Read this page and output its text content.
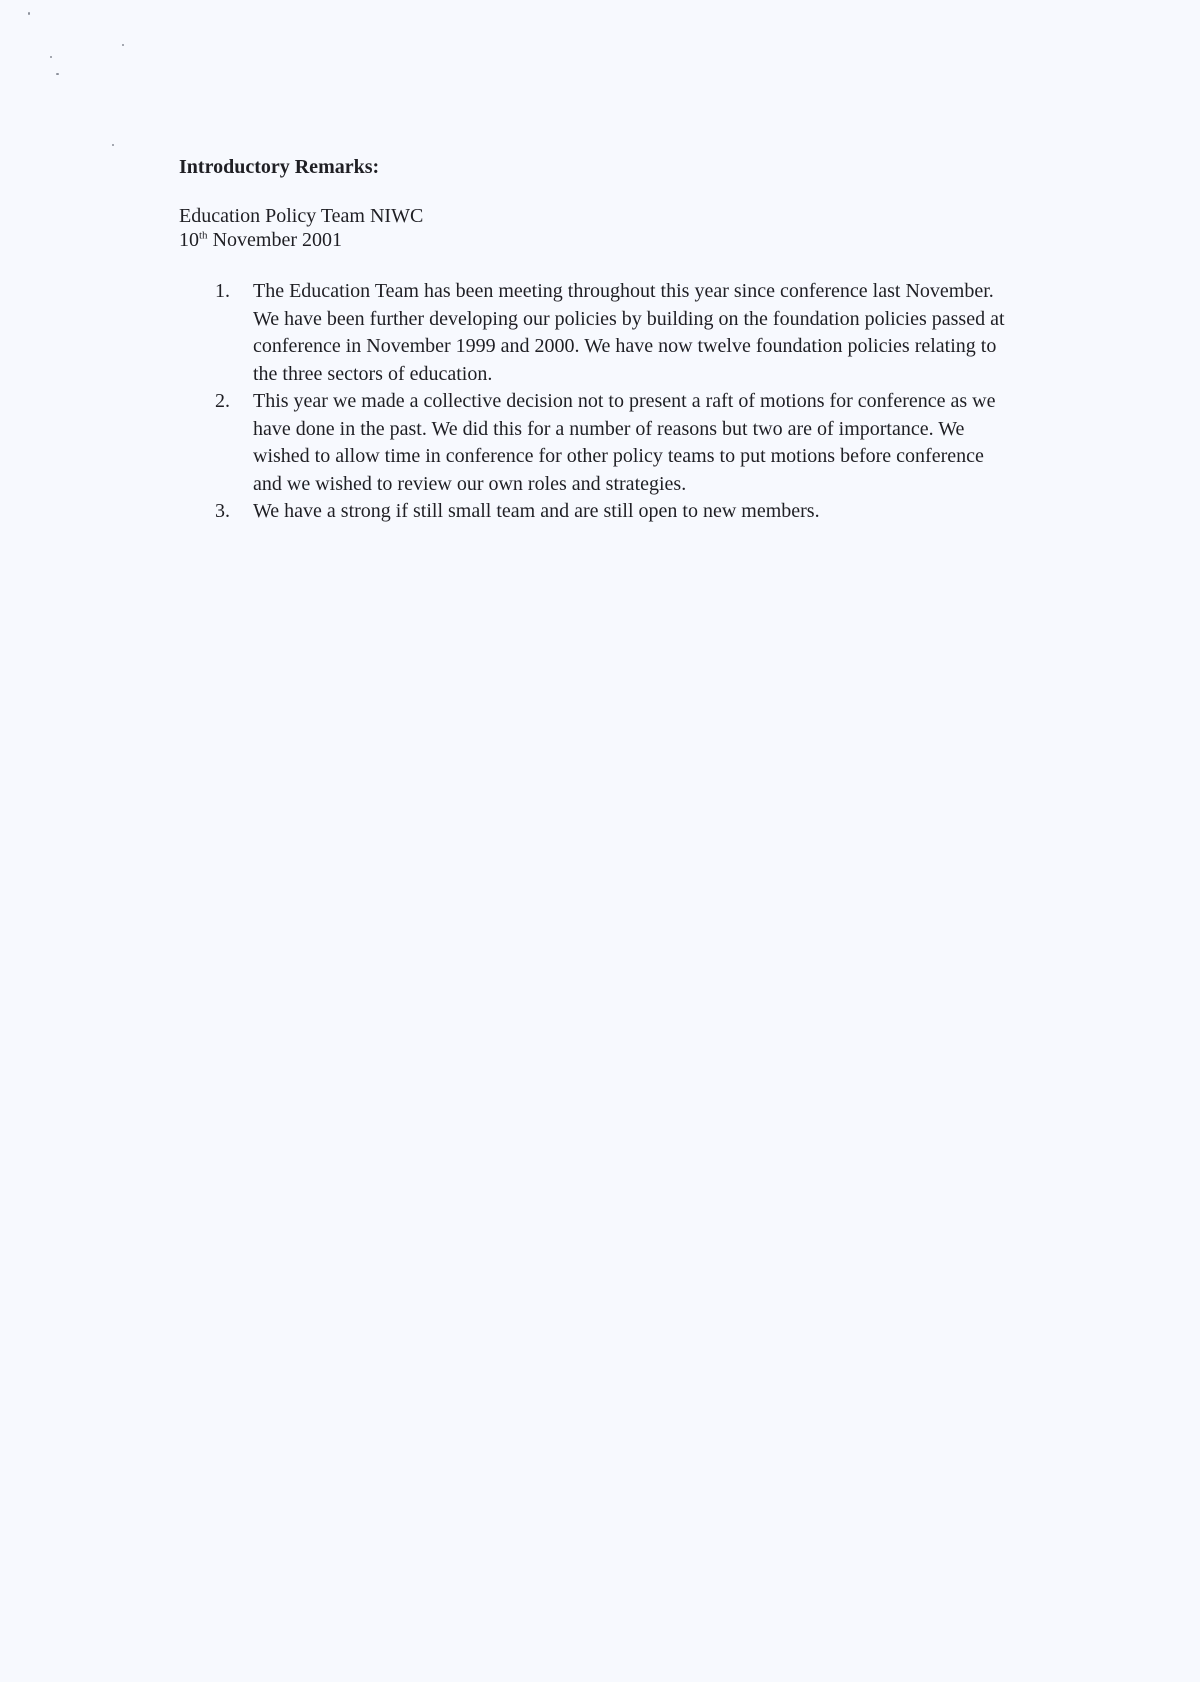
Introductory Remarks:
Education Policy Team NIWC
10th November 2001
1. The Education Team has been meeting throughout this year since conference last November. We have been further developing our policies by building on the foundation policies passed at conference in November 1999 and 2000. We have now twelve foundation policies relating to the three sectors of education.
2. This year we made a collective decision not to present a raft of motions for conference as we have done in the past. We did this for a number of reasons but two are of importance. We wished to allow time in conference for other policy teams to put motions before conference and we wished to review our own roles and strategies.
3. We have a strong if still small team and are still open to new members.
